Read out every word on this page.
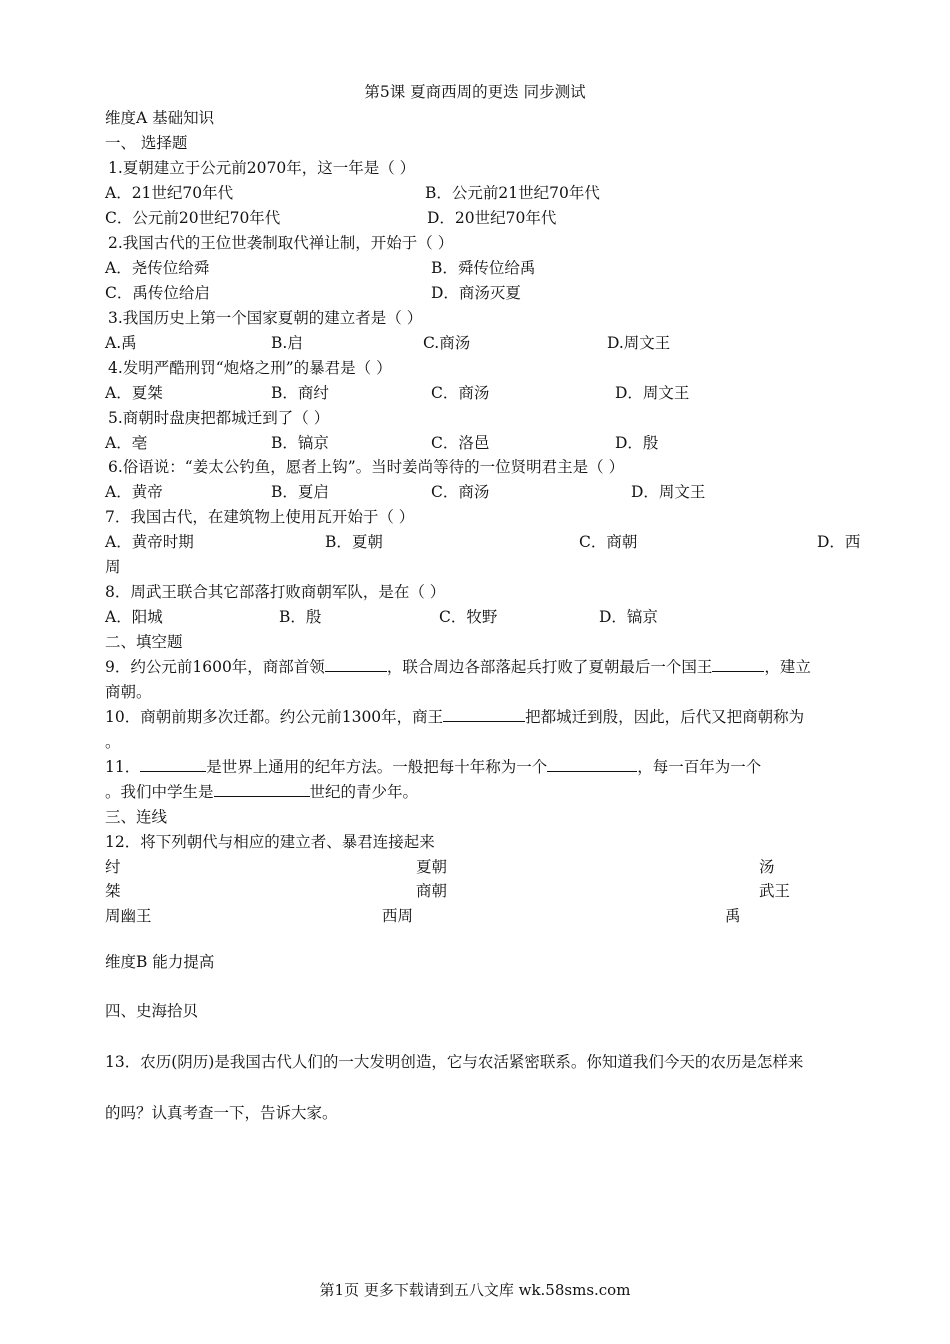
第5课 夏商西周的更迭 同步测试
维度A 基础知识
一、 选择题
1.夏朝建立于公元前2070年，这一年是（ ）
A．21世纪70年代	B．公元前21世纪70年代
C．公元前20世纪70年代	D．20世纪70年代
2.我国古代的王位世袭制取代禅让制，开始于（ ）
A．尧传位给舜	B．舜传位给禹
C．禹传位给启	D．商汤灭夏
3.我国历史上第一个国家夏朝的建立者是（ ）
A.禹	B.启	C.商汤	D.周文王
4.发明严酷刑罚“炮烙之刑”的暴君是（ ）
A．夏桀	B．商纣	C．商汤	D．周文王
5.商朝时盘庚把都城迁到了（ ）
A．亳	B．镐京	C．洛邑	D．殷
6.俗语说：“姜太公钓鱼，愿者上钩”。当时姜尚等待的一位贤明君主是（ ）
A．黄帝	B．夏启	C．商汤	D．周文王
7．我国古代，在建筑物上使用瓦开始于（ ）
A．黄帝时期	B．夏朝	C．商朝	D．西
周
8．周武王联合其它部落打败商朝军队，是在（ ）
A．阳城	B．殷	C．牧野	D．镐京
二、填空题
9．约公元前1600年，商部首领	，联合周边各部落起兵打败了夏朝最后一个国王	，建立
商朝。
10．商朝前期多次迁都。约公元前1300年，商王	把都城迁到殷，因此，后代又把商朝称为
。
11．	是世界上通用的纪年方法。一般把每十年称为一个	，每一百年为一个
。我们中学生是	世纪的青少年。
三、连线
12．将下列朝代与相应的建立者、暴君连接起来
纣	夏朝	汤
桀	商朝	武王
周幽王	西周	禹
维度B 能力提高
四、史海拾贝
13．农历(阴历)是我国古代人们的一大发明创造，它与农活紧密联系。你知道我们今天的农历是怎样来
的吗？认真考查一下，告诉大家。
第1页 更多下载请到五八文库 wk.58sms.com
